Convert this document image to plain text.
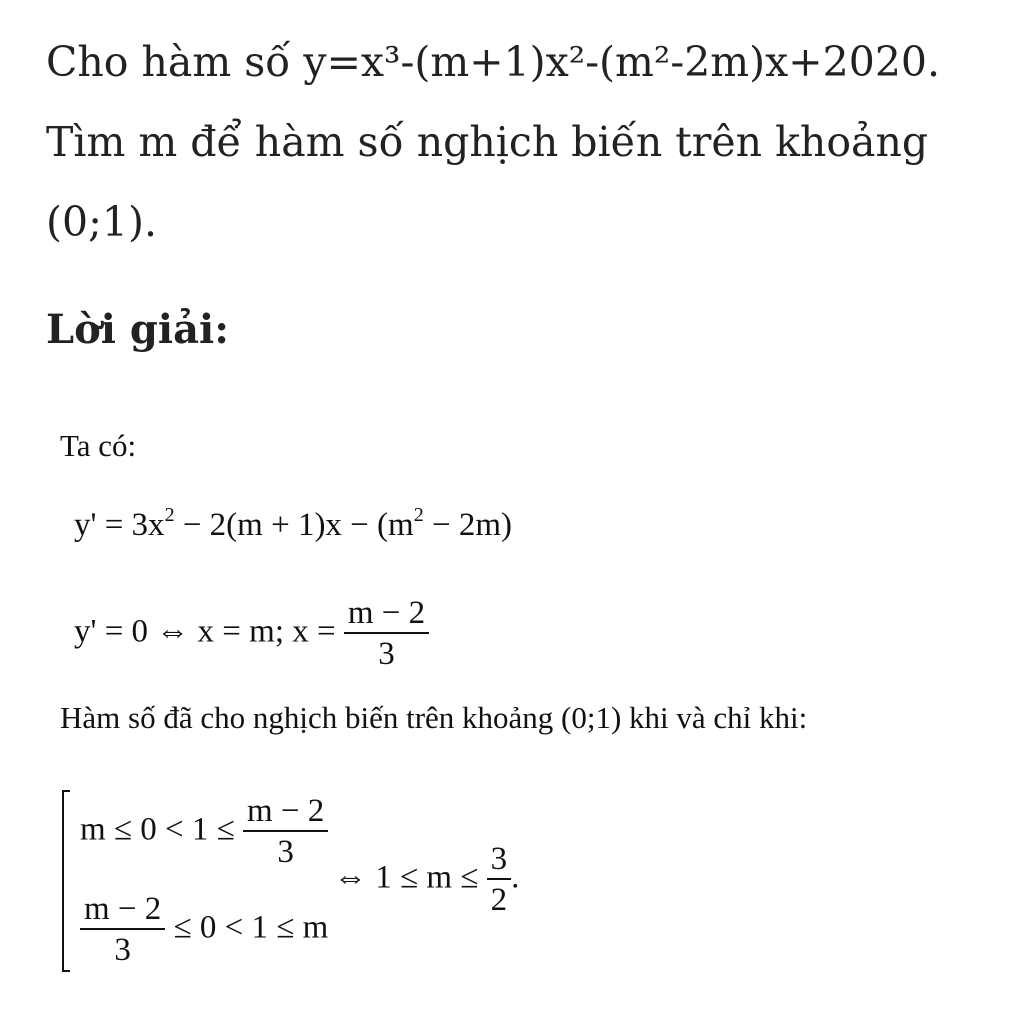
Cho hàm số y=x³-(m+1)x²-(m²-2m)x+2020.

Tìm m để hàm số nghịch biến trên khoảng

(0;1).

Lời giải:
Ta có:
$y' = 3x^2 - 2(m + 1)x - (m^2 - 2m)$
y' = 0 ⇔ x = m; $x = \frac{m - 2}{3}$
Hàm số đã cho nghịch biến trên khoảng (0;1) khi và chỉ khi:
$m \le 0 < 1 \le \frac{m - 2}{3}$
$\frac{m - 2}{3} \le 0 < 1 \le m$
⇔ $1 \le m \le \frac{3}{2}$ .
